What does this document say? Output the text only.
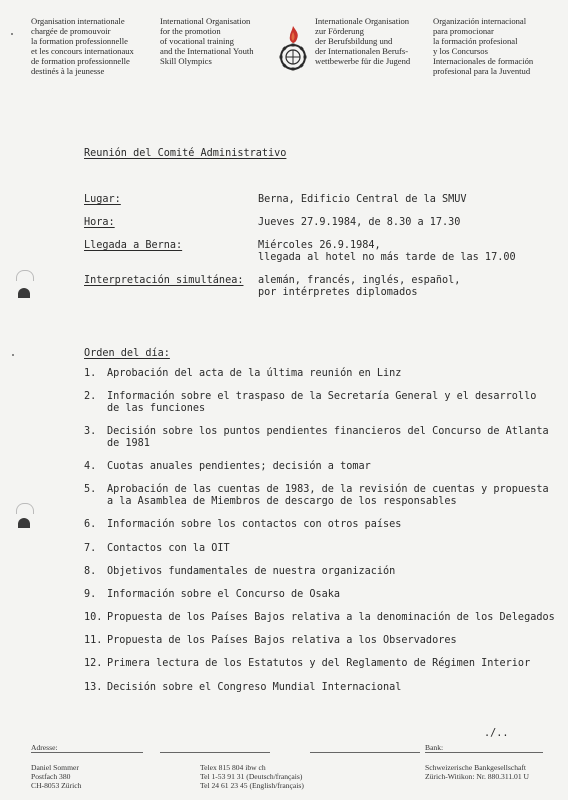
Organisation internationale
chargée de promouvoir
la formation professionnelle
et les concours internationaux
de formation professionnelle
destinés à la jeunesse
International Organisation
for the promotion
of vocational training
and the International Youth
Skill Olympics
Internationale Organisation
zur Förderung
der Berufsbildung und
der Internationalen Berufs-
wettbewerbe für die Jugend
Organización internacional
para promocionar
la formación profesional
y los Concursos
Internacionales de formación
profesional para la Juventud
Reunión del Comité Administrativo
Lugar:	Berna, Edificio Central de la SMUV
Hora:	Jueves 27.9.1984, de 8.30 a 17.30
Llegada a Berna:	Miércoles 26.9.1984,
llegada al hotel no más tarde de las 17.00
Interpretación simultánea: alemán, francés, inglés, español,
por intérpretes diplomados
Orden del día:
1. Aprobación del acta de la última reunión en Linz
2. Información sobre el traspaso de la Secretaría General y el desarrollo
de las funciones
3. Decisión sobre los puntos pendientes financieros del Concurso de Atlanta
de 1981
4. Cuotas anuales pendientes; decisión a tomar
5. Aprobación de las cuentas de 1983, de la revisión de cuentas y propuesta
a la Asamblea de Miembros de descargo de los responsables
6. Información sobre los contactos con otros países
7. Contactos con la OIT
8. Objetivos fundamentales de nuestra organización
9. Información sobre el Concurso de Osaka
10. Propuesta de los Países Bajos relativa a la denominación de los Delegados
11. Propuesta de los Países Bajos relativa a los Observadores
12. Primera lectura de los Estatutos y del Reglamento de Régimen Interior
13. Decisión sobre el Congreso Mundial Internacional
./..
Adresse:
Daniel Sommer
Postfach 380
CH-8053 Zürich
Telex 815 804 ibw ch
Tel 1-53 91 31 (Deutsch/français)
Tel 24 61 23 45 (English/français)
Bank:
Schweizerische Bankgesellschaft
Zürich-Witikon: Nr. 880.311.01 U
